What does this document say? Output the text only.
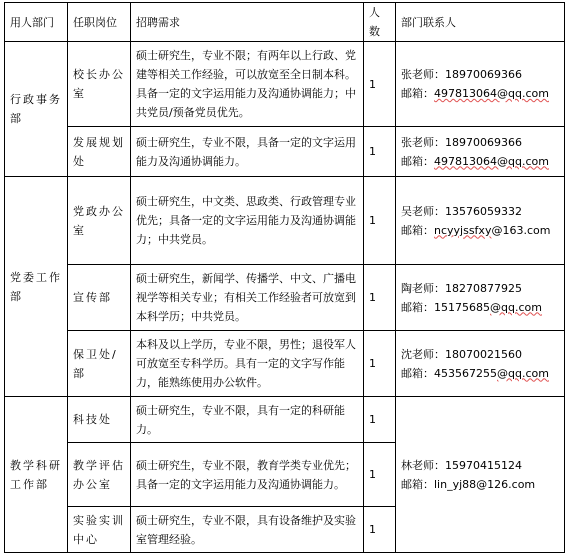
用人部门	任职岗位	招聘需求	人数	部门联系人
行政事务部	校长办公室	硕士研究生，专业不限；有两年以上行政、党建等相关工作经验，可以放宽至全日制本科。具备一定的文字运用能力及沟通协调能力；中共党员/预备党员优先。	1	张老师：18970069366
邮箱：497813064@qq.com

	发展规划处	硕士研究生，专业不限，具备一定的文字运用能力及沟通协调能力。	1	张老师：18970069366
邮箱：497813064@qq.com

党委工作部	党政办公室	硕士研究生，中文类、思政类、行政管理专业优先；具备一定的文字运用能力及沟通协调能力；中共党员。	1	吴老师：13576059332
邮箱：ncyyjssfxy@163.com

	宣传部	硕士研究生，新闻学、传播学、中文、广播电视学等相关专业；有相关工作经验者可放宽到本科学历；中共党员。	1	陶老师：18270877925
邮箱：15175685@qq.com

	保卫处/部	本科及以上学历，专业不限，男性；退役军人可放宽至专科学历。具有一定的文字写作能力，能熟练使用办公软件。	1	沈老师：18070021560
邮箱：453567255@qq.com

教学科研工作部	科技处	硕士研究生，专业不限，具有一定的科研能力。	1	林老师：15970415124
邮箱：lin_yj88@126.com

	教学评估办公室	硕士研究生，专业不限，教育学类专业优先；具备一定的文字运用能力及沟通协调能力。	1	
	实验实训中心	硕士研究生，专业不限，具有设备维护及实验室管理经验。	1	
